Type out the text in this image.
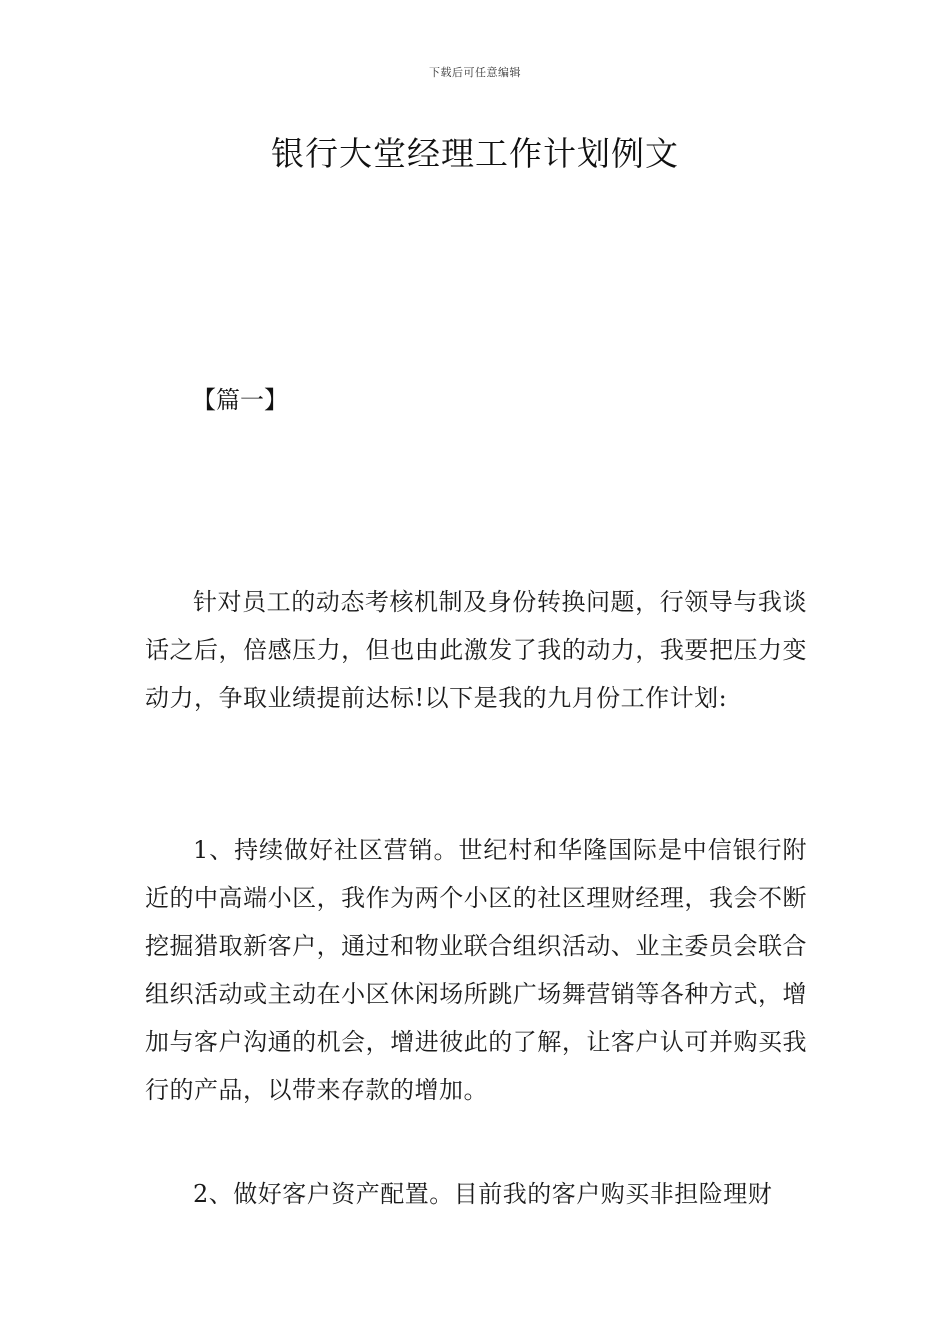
下载后可任意编辑
银行大堂经理工作计划例文
【篇一】

针对员工的动态考核机制及身份转换问题，行领导与我谈话之后，倍感压力，但也由此激发了我的动力，我要把压力变动力，争取业绩提前达标!以下是我的九月份工作计划:

1、持续做好社区营销。世纪村和华隆国际是中信银行附近的中高端小区，我作为两个小区的社区理财经理，我会不断挖掘猎取新客户，通过和物业联合组织活动、业主委员会联合组织活动或主动在小区休闲场所跳广场舞营销等各种方式，增加与客户沟通的机会，增进彼此的了解，让客户认可并购买我行的产品，以带来存款的增加。

2、做好客户资产配置。目前我的客户购买非担险理财
